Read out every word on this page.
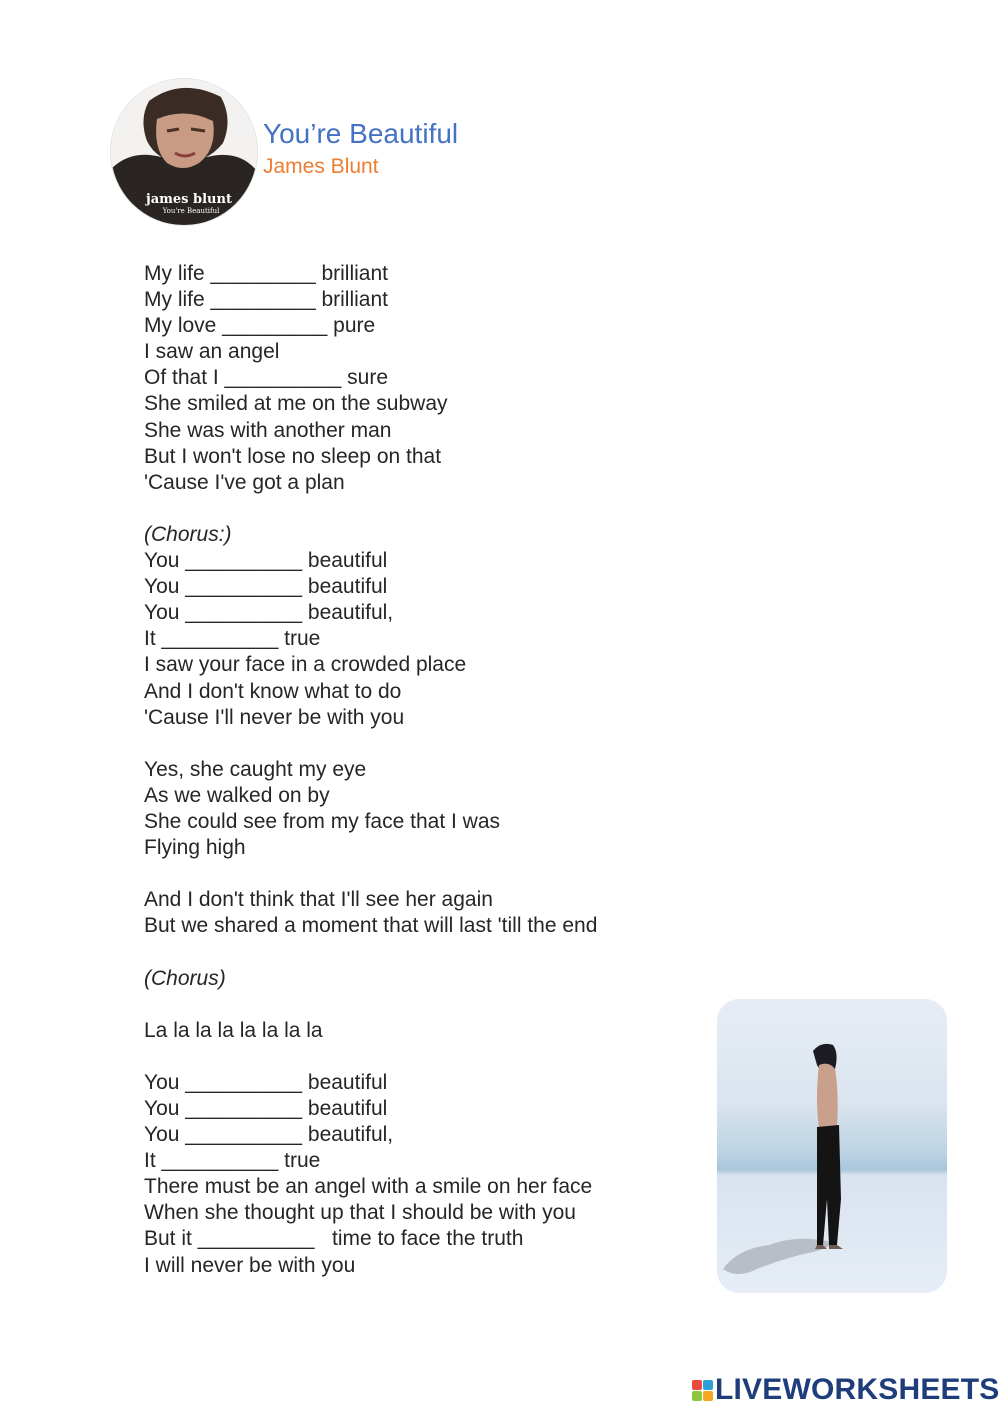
james blunt
You're Beautiful
You’re Beautiful
James Blunt
My life _________ brilliant
My life _________ brilliant
My love _________ pure
I saw an angel
Of that I __________ sure
She smiled at me on the subway
She was with another man
But I won't lose no sleep on that
'Cause I've got a plan
(Chorus:)
You __________ beautiful
You __________ beautiful
You __________ beautiful,
It __________ true
I saw your face in a crowded place
And I don't know what to do
'Cause I'll never be with you
Yes, she caught my eye
As we walked on by
She could see from my face that I was
Flying high
And I don't think that I'll see her again
But we shared a moment that will last 'till the end
(Chorus)
La la la la la la la la
You __________ beautiful
You __________ beautiful
You __________ beautiful,
It __________ true
There must be an angel with a smile on her face
When she thought up that I should be with you
But it __________   time to face the truth
I will never be with you
LIVEWORKSHEETS
